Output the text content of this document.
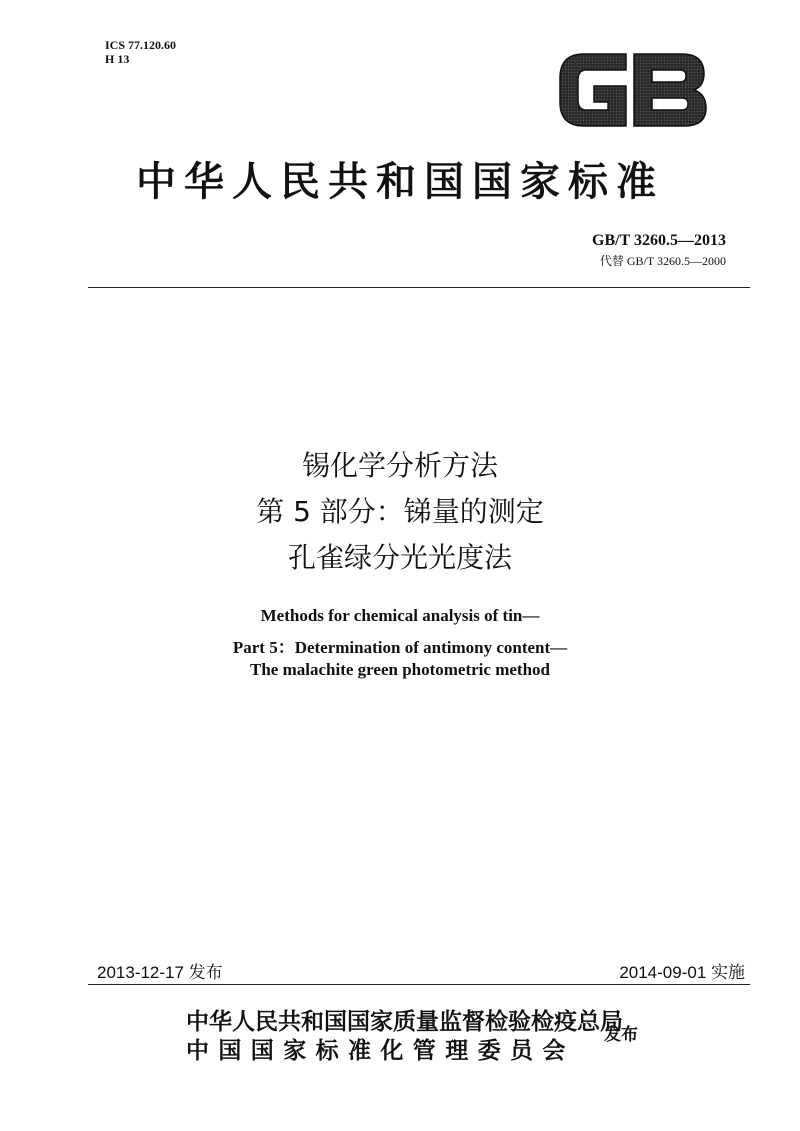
ICS 77.120.60
H 13
中华人民共和国国家标准
GB/T 3260.5—2013
代替 GB/T 3260.5—2000
锡化学分析方法
第 5 部分：锑量的测定
孔雀绿分光光度法
Methods for chemical analysis of tin—
Part 5：Determination of antimony content—
The malachite green photometric method
2013-12-17 发布	2014-09-01 实施
中华人民共和国国家质量监督检验检疫总局
中国国家标准化管理委员会
发布
